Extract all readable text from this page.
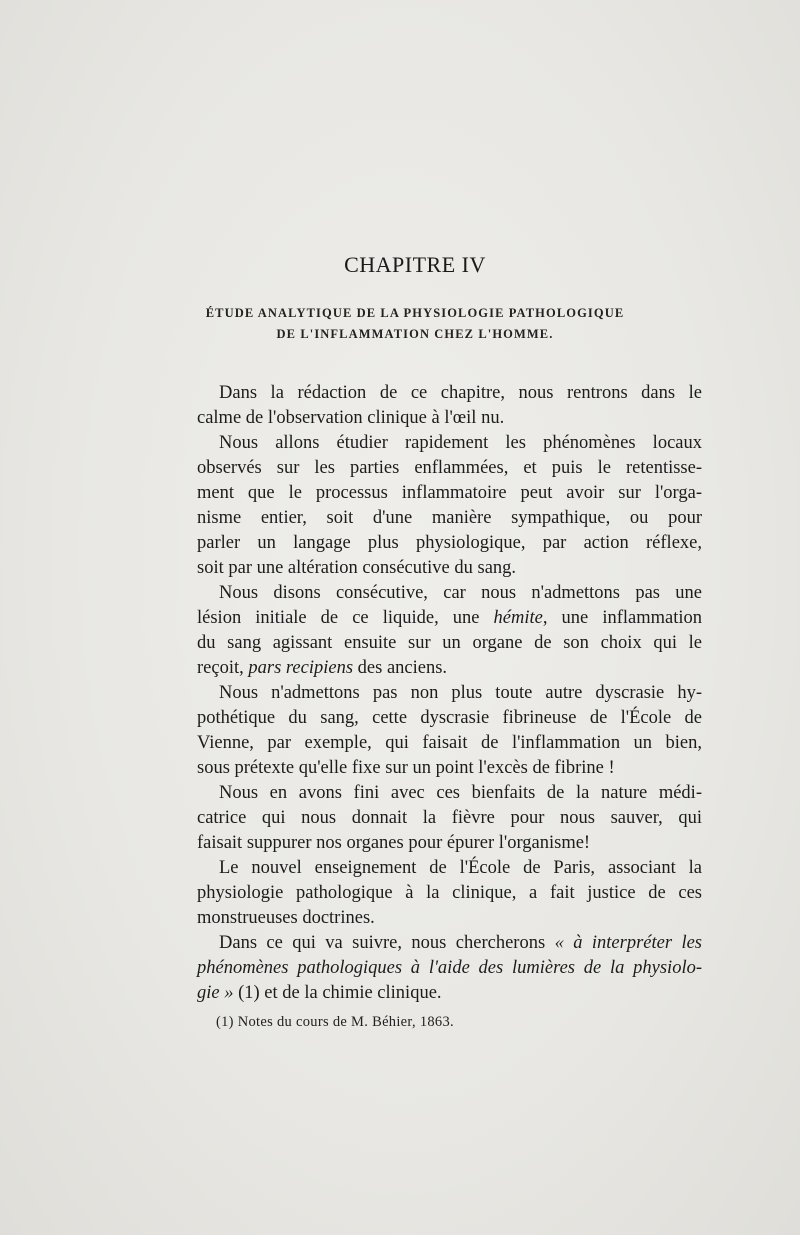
CHAPITRE IV
ÉTUDE ANALYTIQUE DE LA PHYSIOLOGIE PATHOLOGIQUE
DE L'INFLAMMATION CHEZ L'HOMME.
Dans la rédaction de ce chapitre, nous rentrons dans le
calme de l'observation clinique à l'œil nu.
Nous allons étudier rapidement les phénomènes locaux
observés sur les parties enflammées, et puis le retentisse-
ment que le processus inflammatoire peut avoir sur l'orga-
nisme entier, soit d'une manière sympathique, ou pour
parler un langage plus physiologique, par action réflexe,
soit par une altération consécutive du sang.
Nous disons consécutive, car nous n'admettons pas une
lésion initiale de ce liquide, une hémite, une inflammation
du sang agissant ensuite sur un organe de son choix qui le
reçoit, pars recipiens des anciens.
Nous n'admettons pas non plus toute autre dyscrasie hy-
pothétique du sang, cette dyscrasie fibrineuse de l'École de
Vienne, par exemple, qui faisait de l'inflammation un bien,
sous prétexte qu'elle fixe sur un point l'excès de fibrine !
Nous en avons fini avec ces bienfaits de la nature médi-
catrice qui nous donnait la fièvre pour nous sauver, qui
faisait suppurer nos organes pour épurer l'organisme!
Le nouvel enseignement de l'École de Paris, associant la
physiologie pathologique à la clinique, a fait justice de ces
monstrueuses doctrines.
Dans ce qui va suivre, nous chercherons « à interpréter les
phénomènes pathologiques à l'aide des lumières de la physiolo-
gie » (1) et de la chimie clinique.
(1) Notes du cours de M. Béhier, 1863.
